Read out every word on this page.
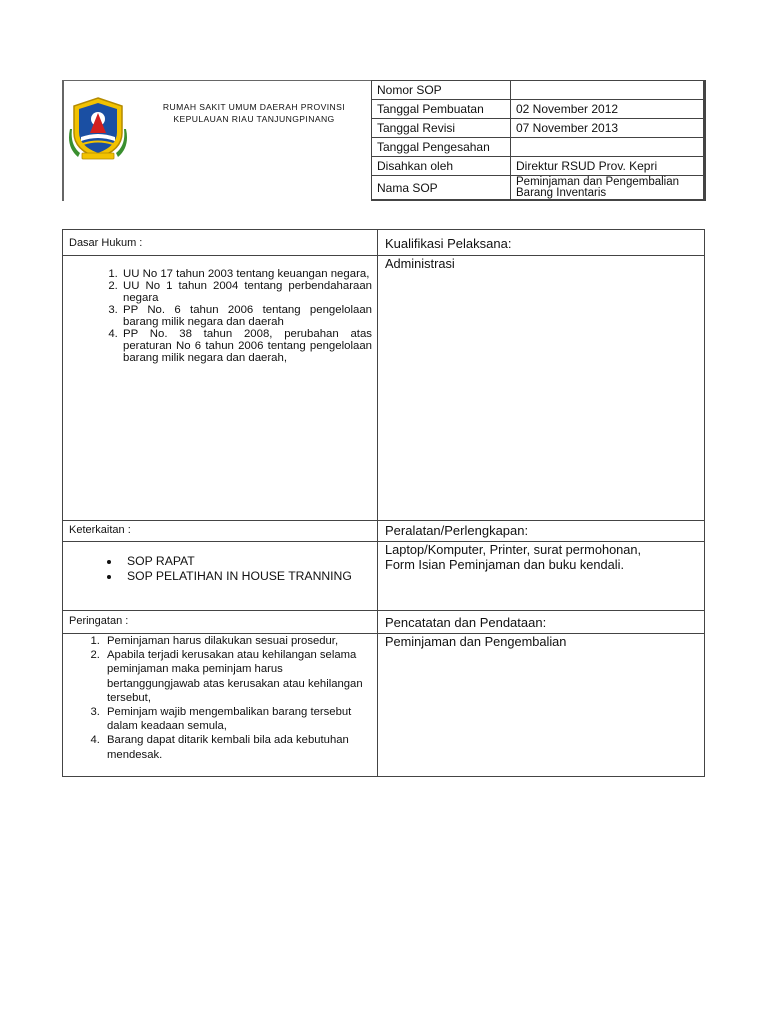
RUMAH SAKIT UMUM DAERAH PROVINSI
KEPULAUAN RIAU TANJUNGPINANG
Nomor SOP	
Tanggal Pembuatan	02 November 2012
Tanggal Revisi	07 November 2013
Tanggal Pengesahan	
Disahkan oleh	Direktur RSUD Prov. Kepri
Nama SOP	Peminjaman dan Pengembalian
Barang Inventaris
Dasar Hukum :	Kualifikasi Pelaksana:
1. UU No 17 tahun 2003 tentang keuangan negara,
2. UU No 1 tahun 2004 tentang perbendaharaan negara
3. PP No. 6 tahun 2006 tentang pengelolaan barang milik negara dan daerah
4. PP No. 38 tahun 2008, perubahan atas peraturan No 6 tahun 2006 tentang pengelolaan barang milik negara dan daerah,
Administrasi
Keterkaitan :	Peralatan/Perlengkapan:
• SOP RAPAT
• SOP PELATIHAN IN HOUSE TRANNING
Laptop/Komputer, Printer, surat permohonan,
Form Isian Peminjaman dan buku kendali.
Peringatan :	Pencatatan dan Pendataan:
1. Peminjaman harus dilakukan sesuai prosedur,
2. Apabila terjadi kerusakan atau kehilangan selama peminjaman maka peminjam harus bertanggungjawab atas kerusakan atau kehilangan tersebut,
3. Peminjam wajib mengembalikan barang tersebut dalam keadaan semula,
4. Barang dapat ditarik kembali bila ada kebutuhan mendesak.
Peminjaman dan Pengembalian
